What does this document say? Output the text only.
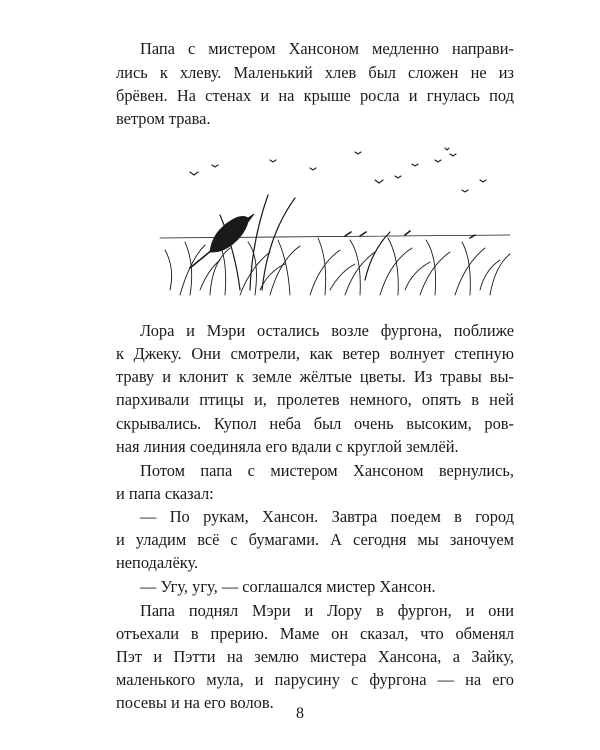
Папа с мистером Хансоном медленно направи-

лись к хлеву. Маленький хлев был сложен не из

брёвен. На стенах и на крыше росла и гнулась под

ветром трава.

Лора и Мэри остались возле фургона, поближе

к Джеку. Они смотрели, как ветер волнует степную

траву и клонит к земле жёлтые цветы. Из травы вы-

пархивали птицы и, пролетев немного, опять в ней

скрывались. Купол неба был очень высоким, ров-

ная линия соединяла его вдали с круглой землёй.

Потом папа с мистером Хансоном вернулись,

и папа сказал:

— По рукам, Хансон. Завтра поедем в город

и уладим всё с бумагами. А сегодня мы заночуем

неподалёку.

— Угу, угу, — соглашался мистер Хансон.

Папа поднял Мэри и Лору в фургон, и они

отъехали в прерию. Маме он сказал, что обменял

Пэт и Пэтти на землю мистера Хансона, а Зайку,

маленького мула, и парусину с фургона — на его

посевы и на его волов.

8
